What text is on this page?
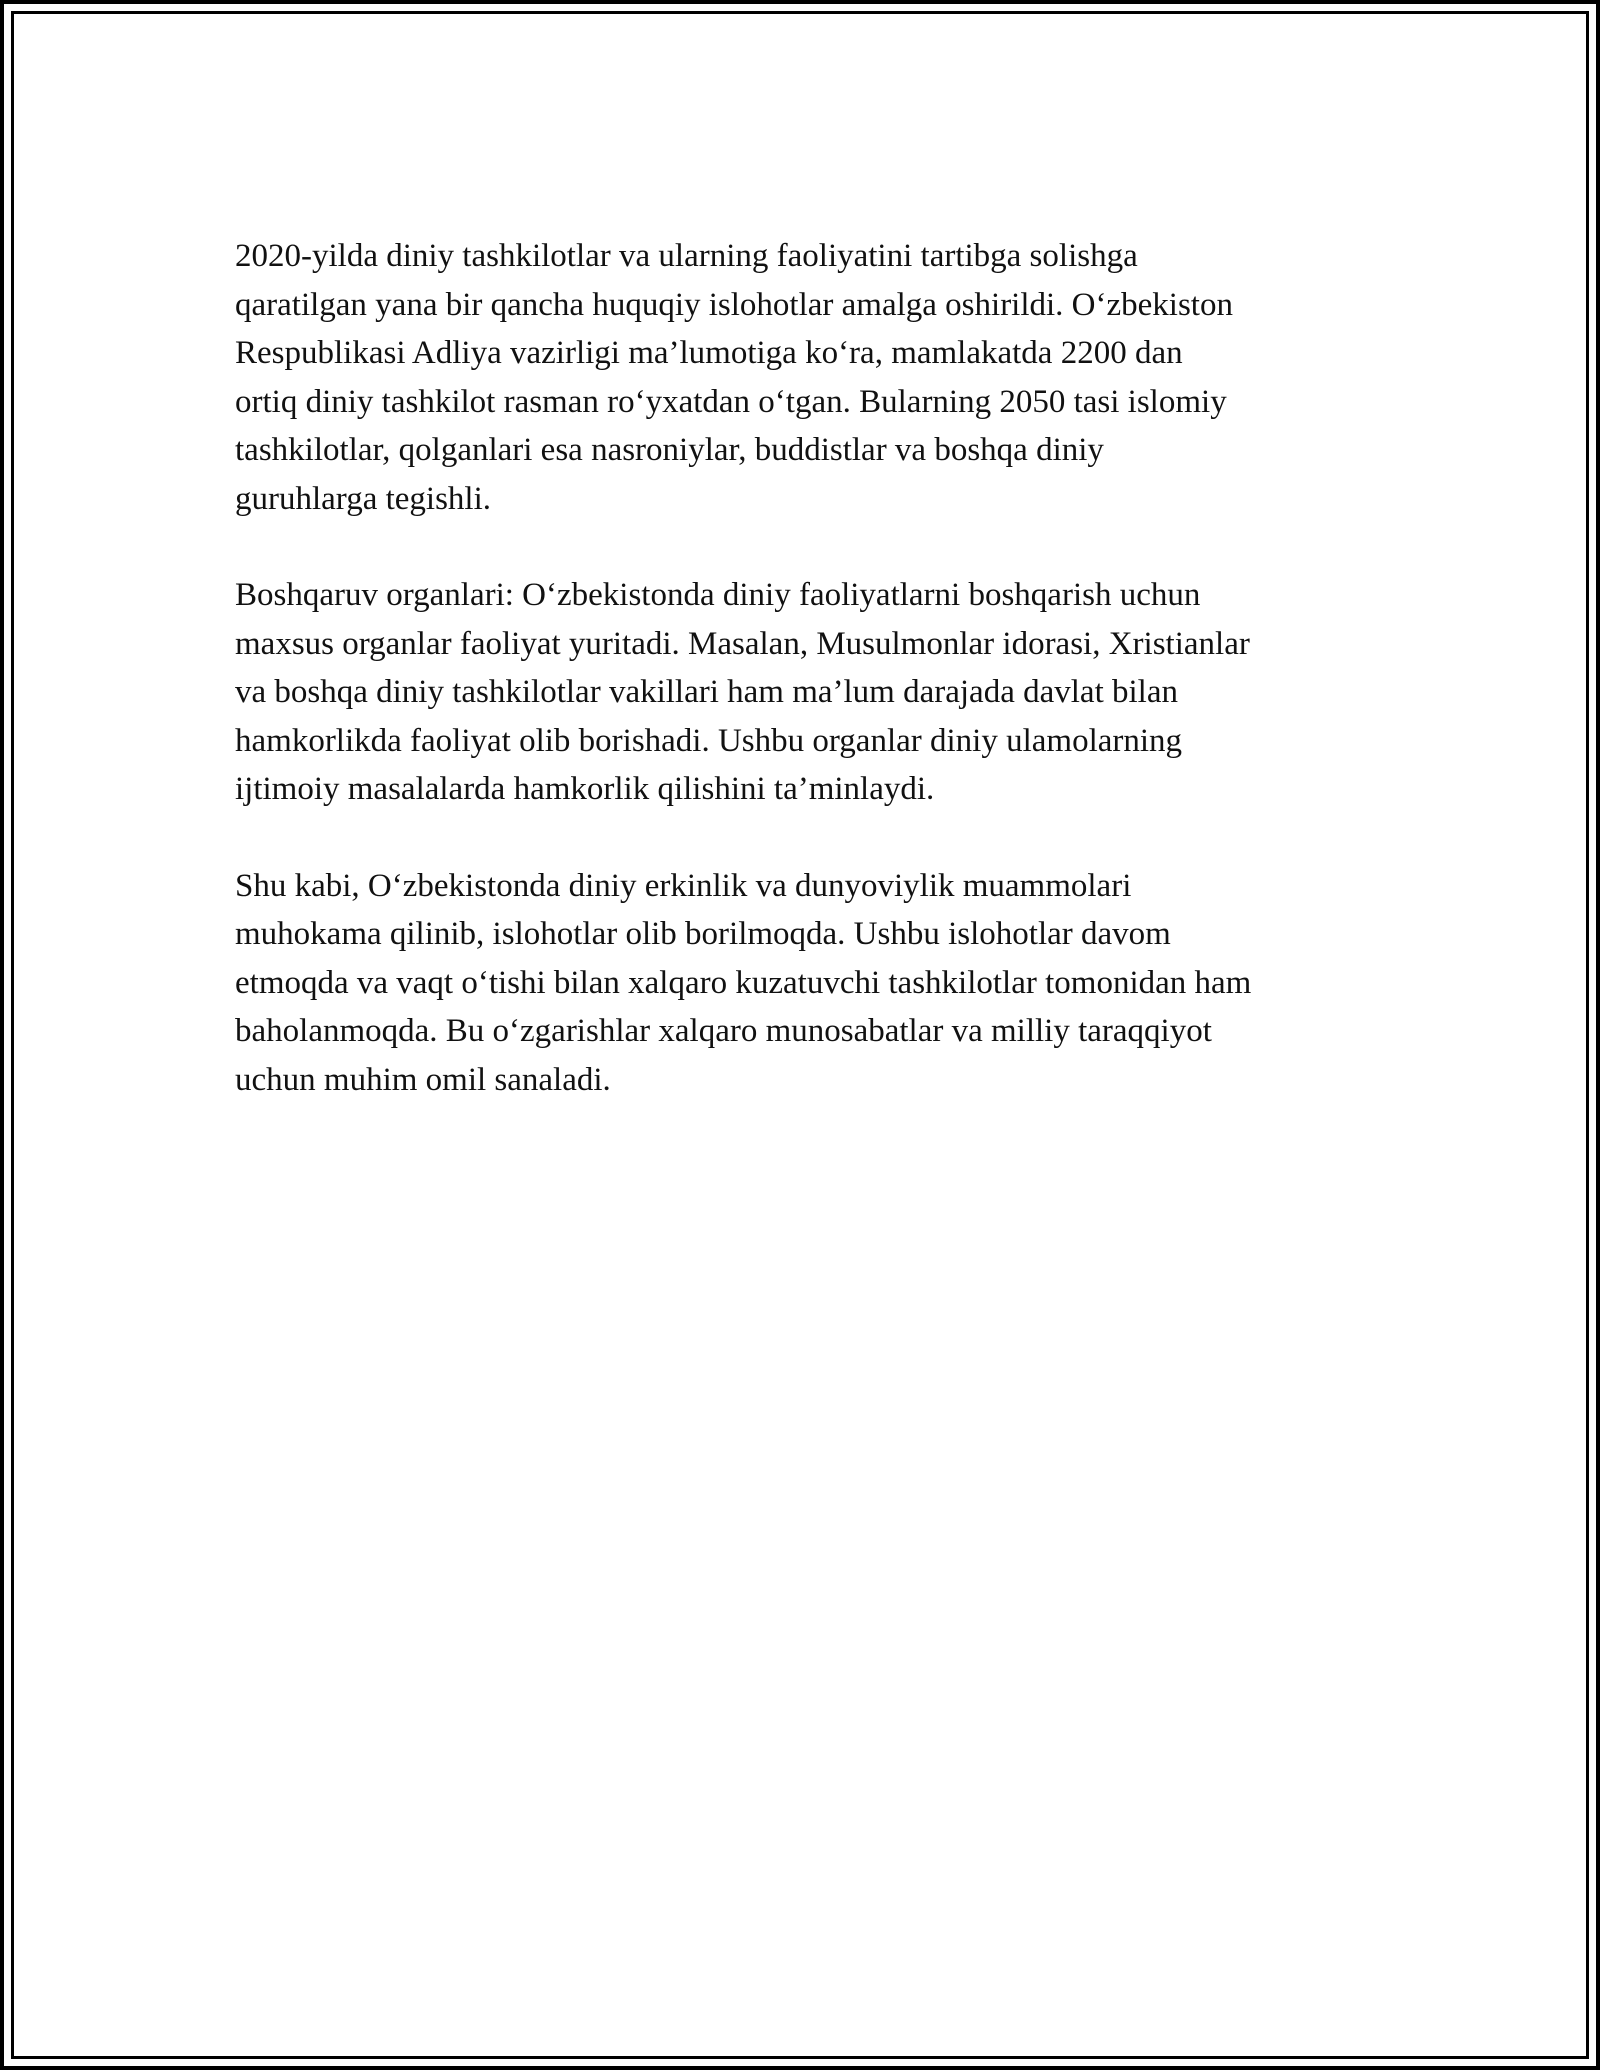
2020-yilda diniy tashkilotlar va ularning faoliyatini tartibga solishga
qaratilgan yana bir qancha huquqiy islohotlar amalga oshirildi. O‘zbekiston
Respublikasi Adliya vazirligi ma’lumotiga ko‘ra, mamlakatda 2200 dan
ortiq diniy tashkilot rasman ro‘yxatdan o‘tgan. Bularning 2050 tasi islomiy
tashkilotlar, qolganlari esa nasroniylar, buddistlar va boshqa diniy
guruhlarga tegishli.

Boshqaruv organlari: O‘zbekistonda diniy faoliyatlarni boshqarish uchun
maxsus organlar faoliyat yuritadi. Masalan, Musulmonlar idorasi, Xristianlar
va boshqa diniy tashkilotlar vakillari ham ma’lum darajada davlat bilan
hamkorlikda faoliyat olib borishadi. Ushbu organlar diniy ulamolarning
ijtimoiy masalalarda hamkorlik qilishini ta’minlaydi.

Shu kabi, O‘zbekistonda diniy erkinlik va dunyoviylik muammolari
muhokama qilinib, islohotlar olib borilmoqda. Ushbu islohotlar davom
etmoqda va vaqt o‘tishi bilan xalqaro kuzatuvchi tashkilotlar tomonidan ham
baholanmoqda. Bu o‘zgarishlar xalqaro munosabatlar va milliy taraqqiyot
uchun muhim omil sanaladi.
